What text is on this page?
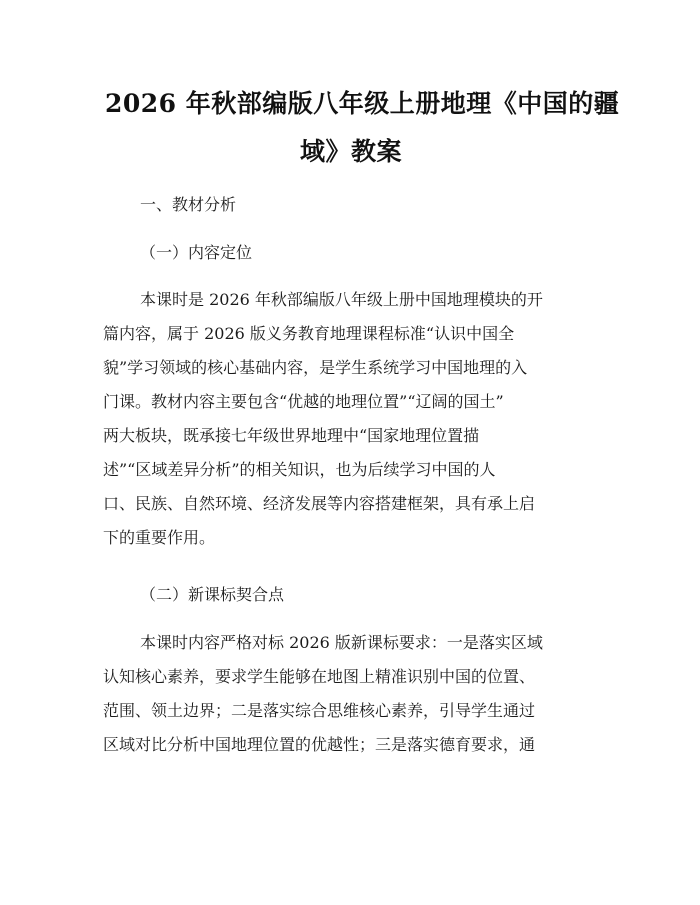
2026 年秋部编版八年级上册地理《中国的疆
域》教案
一、教材分析
（一）内容定位
本课时是 2026 年秋部编版八年级上册中国地理模块的开
篇内容，属于 2026 版义务教育地理课程标准“认识中国全
貌”学习领域的核心基础内容，是学生系统学习中国地理的入
门课。教材内容主要包含“优越的地理位置”“辽阔的国土”
两大板块，既承接七年级世界地理中“国家地理位置描
述”“区域差异分析”的相关知识，也为后续学习中国的人
口、民族、自然环境、经济发展等内容搭建框架，具有承上启
下的重要作用。
（二）新课标契合点
本课时内容严格对标 2026 版新课标要求：一是落实区域
认知核心素养，要求学生能够在地图上精准识别中国的位置、
范围、领土边界；二是落实综合思维核心素养，引导学生通过
区域对比分析中国地理位置的优越性；三是落实德育要求，通
